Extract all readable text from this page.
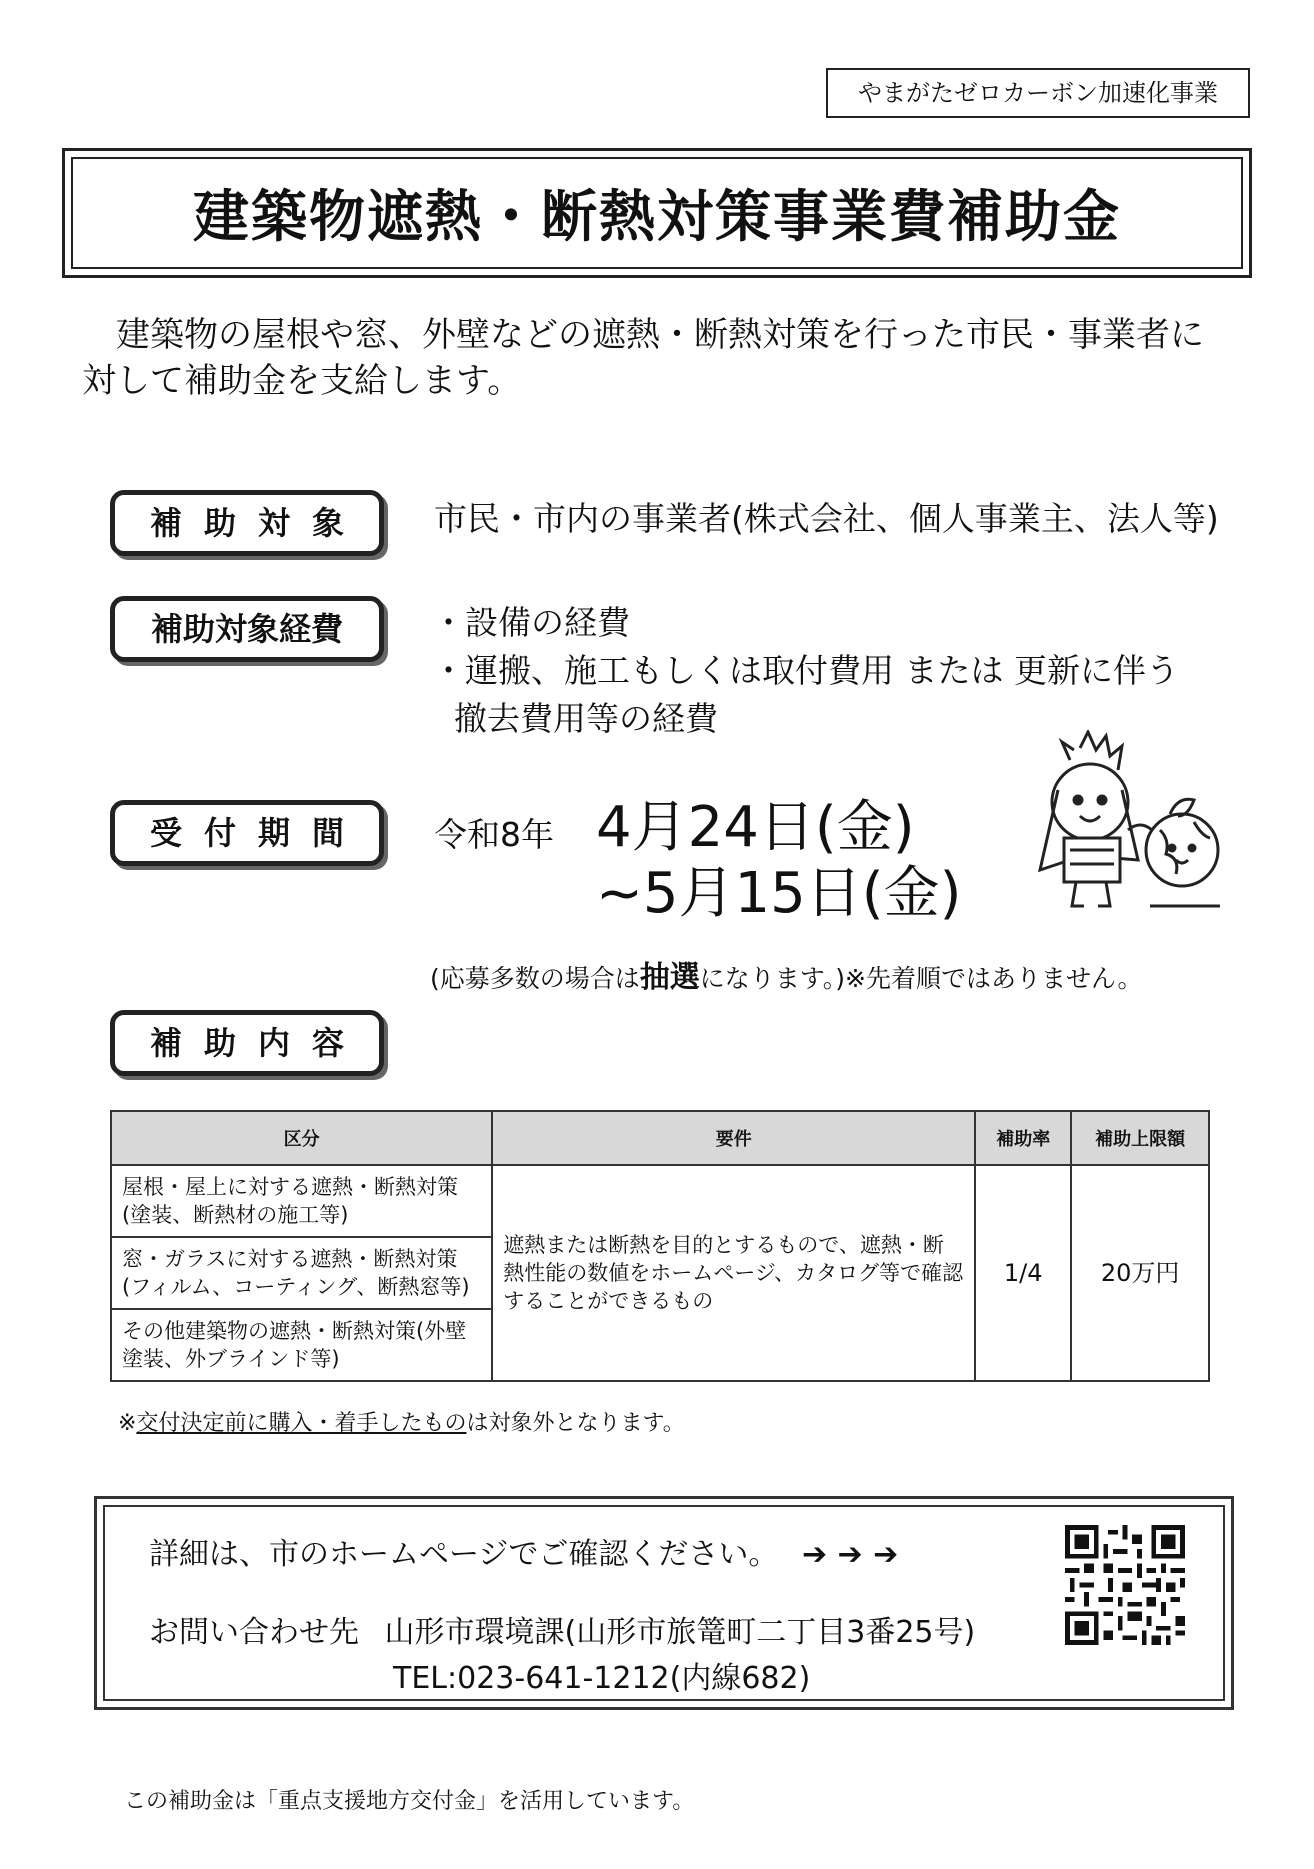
やまがたゼロカーボン加速化事業
建築物遮熱・断熱対策事業費補助金
建築物の屋根や窓、外壁などの遮熱・断熱対策を行った市民・事業者に
対して補助金を支給します。
補助対象	市民・市内の事業者(株式会社、個人事業主、法人等)
補助対象経費	・設備の経費
・運搬、施工もしくは取付費用 または 更新に伴う
撤去費用等の経費
受付期間	令和8年 4月24日(金)
~5月15日(金)
(応募多数の場合は抽選になります。)※先着順ではありません。
補助内容
区分	要件	補助率	補助上限額
屋根・屋上に対する遮熱・断熱対策(塗装、断熱材の施工等)	遮熱または断熱を目的とするもので、遮熱・断熱性能の数値をホームページ、カタログ等で確認することができるもの	1/4	20万円
窓・ガラスに対する遮熱・断熱対策(フィルム、コーティング、断熱窓等)			
その他建築物の遮熱・断熱対策(外壁塗装、外ブラインド等)			
※交付決定前に購入・着手したものは対象外となります。
詳細は、市のホームページでご確認ください。 ➔ ➔ ➔
お問い合わせ先 山形市環境課(山形市旅篭町二丁目3番25号)
TEL:023-641-1212(内線682)
この補助金は「重点支援地方交付金」を活用しています。
